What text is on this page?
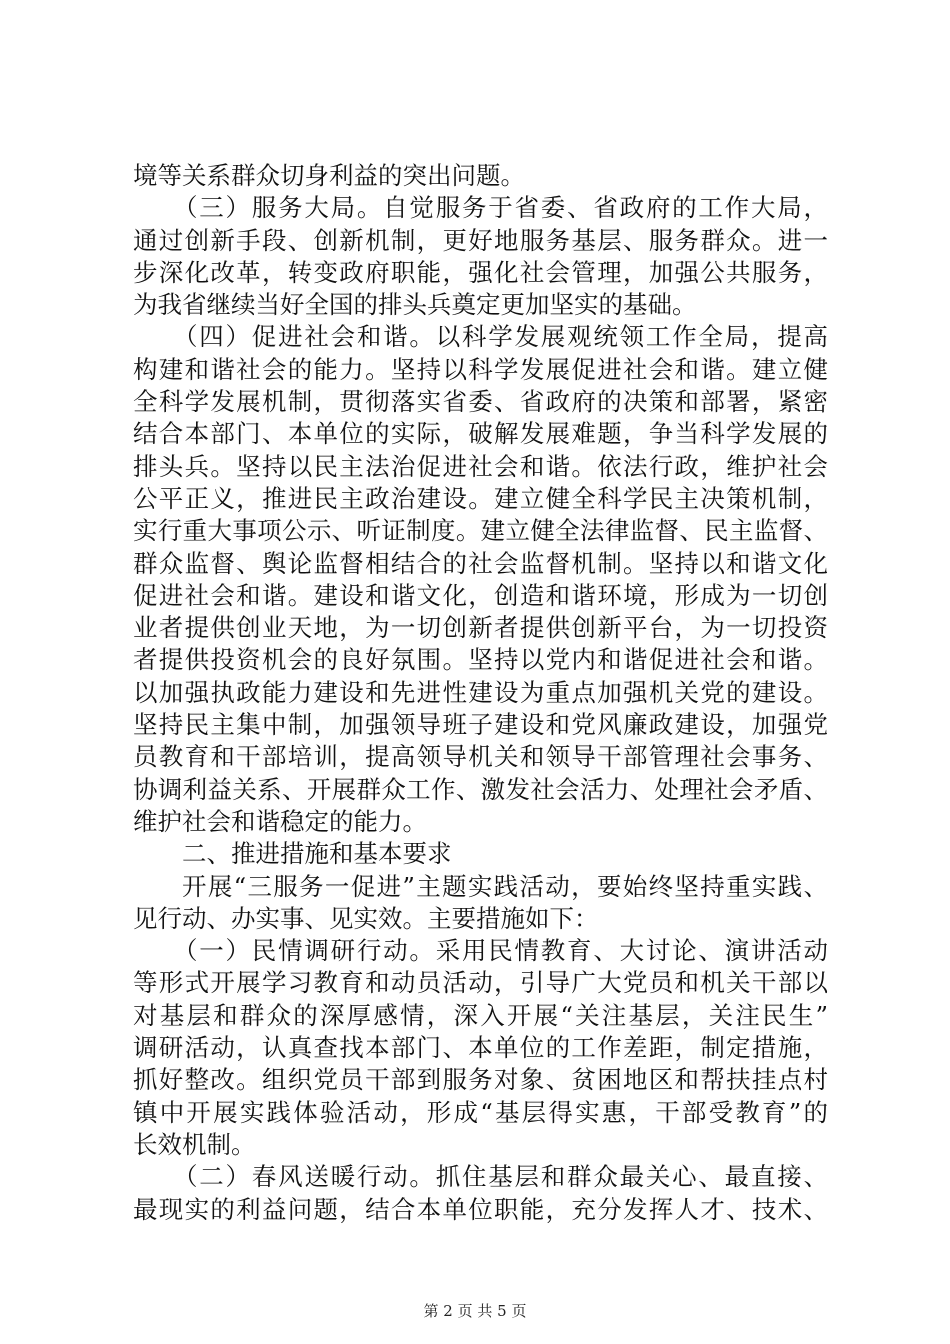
境等关系群众切身利益的突出问题。
（三）服务大局。自觉服务于省委、省政府的工作大局，
通过创新手段、创新机制，更好地服务基层、服务群众。进一
步深化改革，转变政府职能，强化社会管理，加强公共服务，
为我省继续当好全国的排头兵奠定更加坚实的基础。
（四）促进社会和谐。以科学发展观统领工作全局，提高
构建和谐社会的能力。坚持以科学发展促进社会和谐。建立健
全科学发展机制，贯彻落实省委、省政府的决策和部署，紧密
结合本部门、本单位的实际，破解发展难题，争当科学发展的
排头兵。坚持以民主法治促进社会和谐。依法行政，维护社会
公平正义，推进民主政治建设。建立健全科学民主决策机制，
实行重大事项公示、听证制度。建立健全法律监督、民主监督、
群众监督、舆论监督相结合的社会监督机制。坚持以和谐文化
促进社会和谐。建设和谐文化，创造和谐环境，形成为一切创
业者提供创业天地，为一切创新者提供创新平台，为一切投资
者提供投资机会的良好氛围。坚持以党内和谐促进社会和谐。
以加强执政能力建设和先进性建设为重点加强机关党的建设。
坚持民主集中制，加强领导班子建设和党风廉政建设，加强党
员教育和干部培训，提高领导机关和领导干部管理社会事务、
协调利益关系、开展群众工作、激发社会活力、处理社会矛盾、
维护社会和谐稳定的能力。
二、推进措施和基本要求
开展“三服务一促进”主题实践活动，要始终坚持重实践、
见行动、办实事、见实效。主要措施如下：
（一）民情调研行动。采用民情教育、大讨论、演讲活动
等形式开展学习教育和动员活动，引导广大党员和机关干部以
对基层和群众的深厚感情，深入开展“关注基层，关注民生”
调研活动，认真查找本部门、本单位的工作差距，制定措施，
抓好整改。组织党员干部到服务对象、贫困地区和帮扶挂点村
镇中开展实践体验活动，形成“基层得实惠，干部受教育”的
长效机制。
（二）春风送暖行动。抓住基层和群众最关心、最直接、
最现实的利益问题，结合本单位职能，充分发挥人才、技术、
第 2 页 共 5 页
